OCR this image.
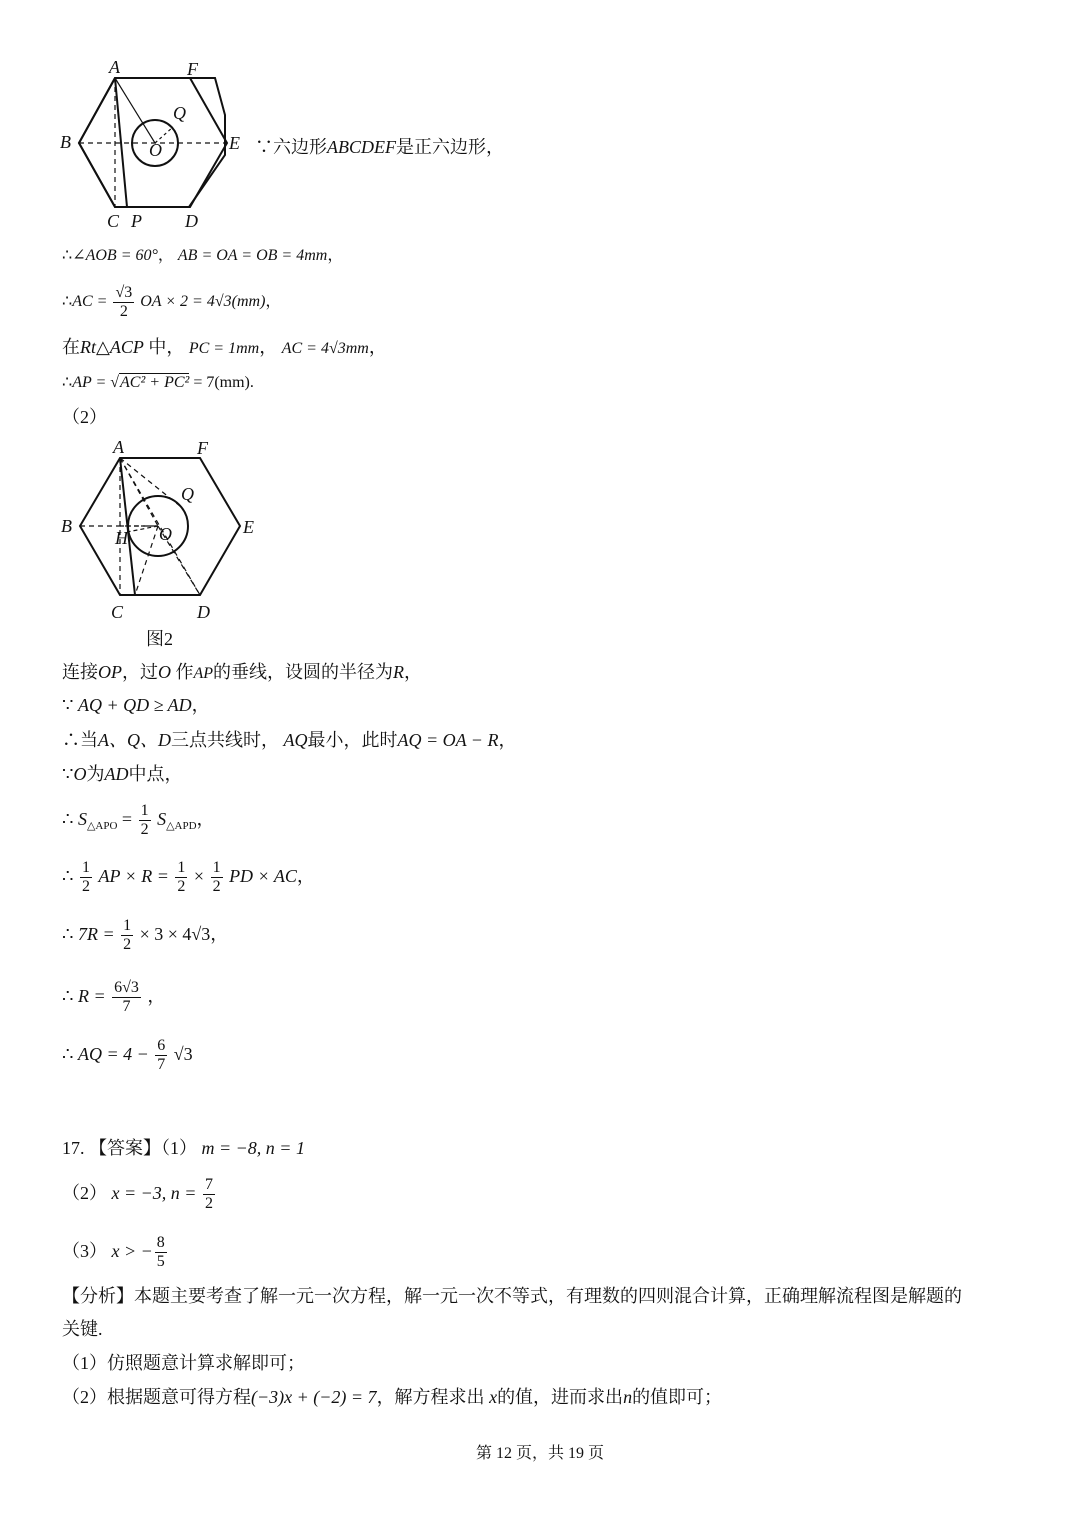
A	F
Q
B	O	E
C P D
∵六边形ABCDEF是正六边形，
∴∠AOB = 60°， AB = OA = OB = 4mm，
∴AC = $\frac{√3}{2}$ OA × 2 = 4√3(mm)，
在Rt△ACP 中， PC = 1mm， AC = 4√3mm，
∴AP = √ AC² + PC² = 7(mm).
（2）
A	F
Q
B
H O	E
C	D
图2
连接OP，过O 作AP的垂线，设圆的半径为R，
∵ AQ + QD ≥ AD，
∴当A、Q、D三点共线时， AQ最小，此时AQ = OA − R，
∵O为AD中点，
∴ $S_{\triangle APO} = \frac{1}{2} S_{\triangle APD}$，
∴ $\frac{1}{2}$ AP × $R = \frac{1}{2} \times \frac{1}{2}$ PD × AC，
∴ $7R = \frac{1}{2} \times 3 \times 4√3$，
∴ $R = \frac{6√3}{7}$ ，
∴ AQ = $4 - \frac{6}{7} √3$
17. 【答案】（1） m = −8, n = 1
（2） x = −3, $n = \frac{7}{2}$
（3） x > − $\frac{8}{5}$
【分析】本题主要考查了解一元一次方程，解一元一次不等式，有理数的四则混合计算，正确理解流程图是解题的
关键.
（1）仿照题意计算求解即可；
（2）根据题意可得方程(−3)x + (−2) = 7，解方程求出 x的值，进而求出n的值即可；
第 12 页，共 19 页
